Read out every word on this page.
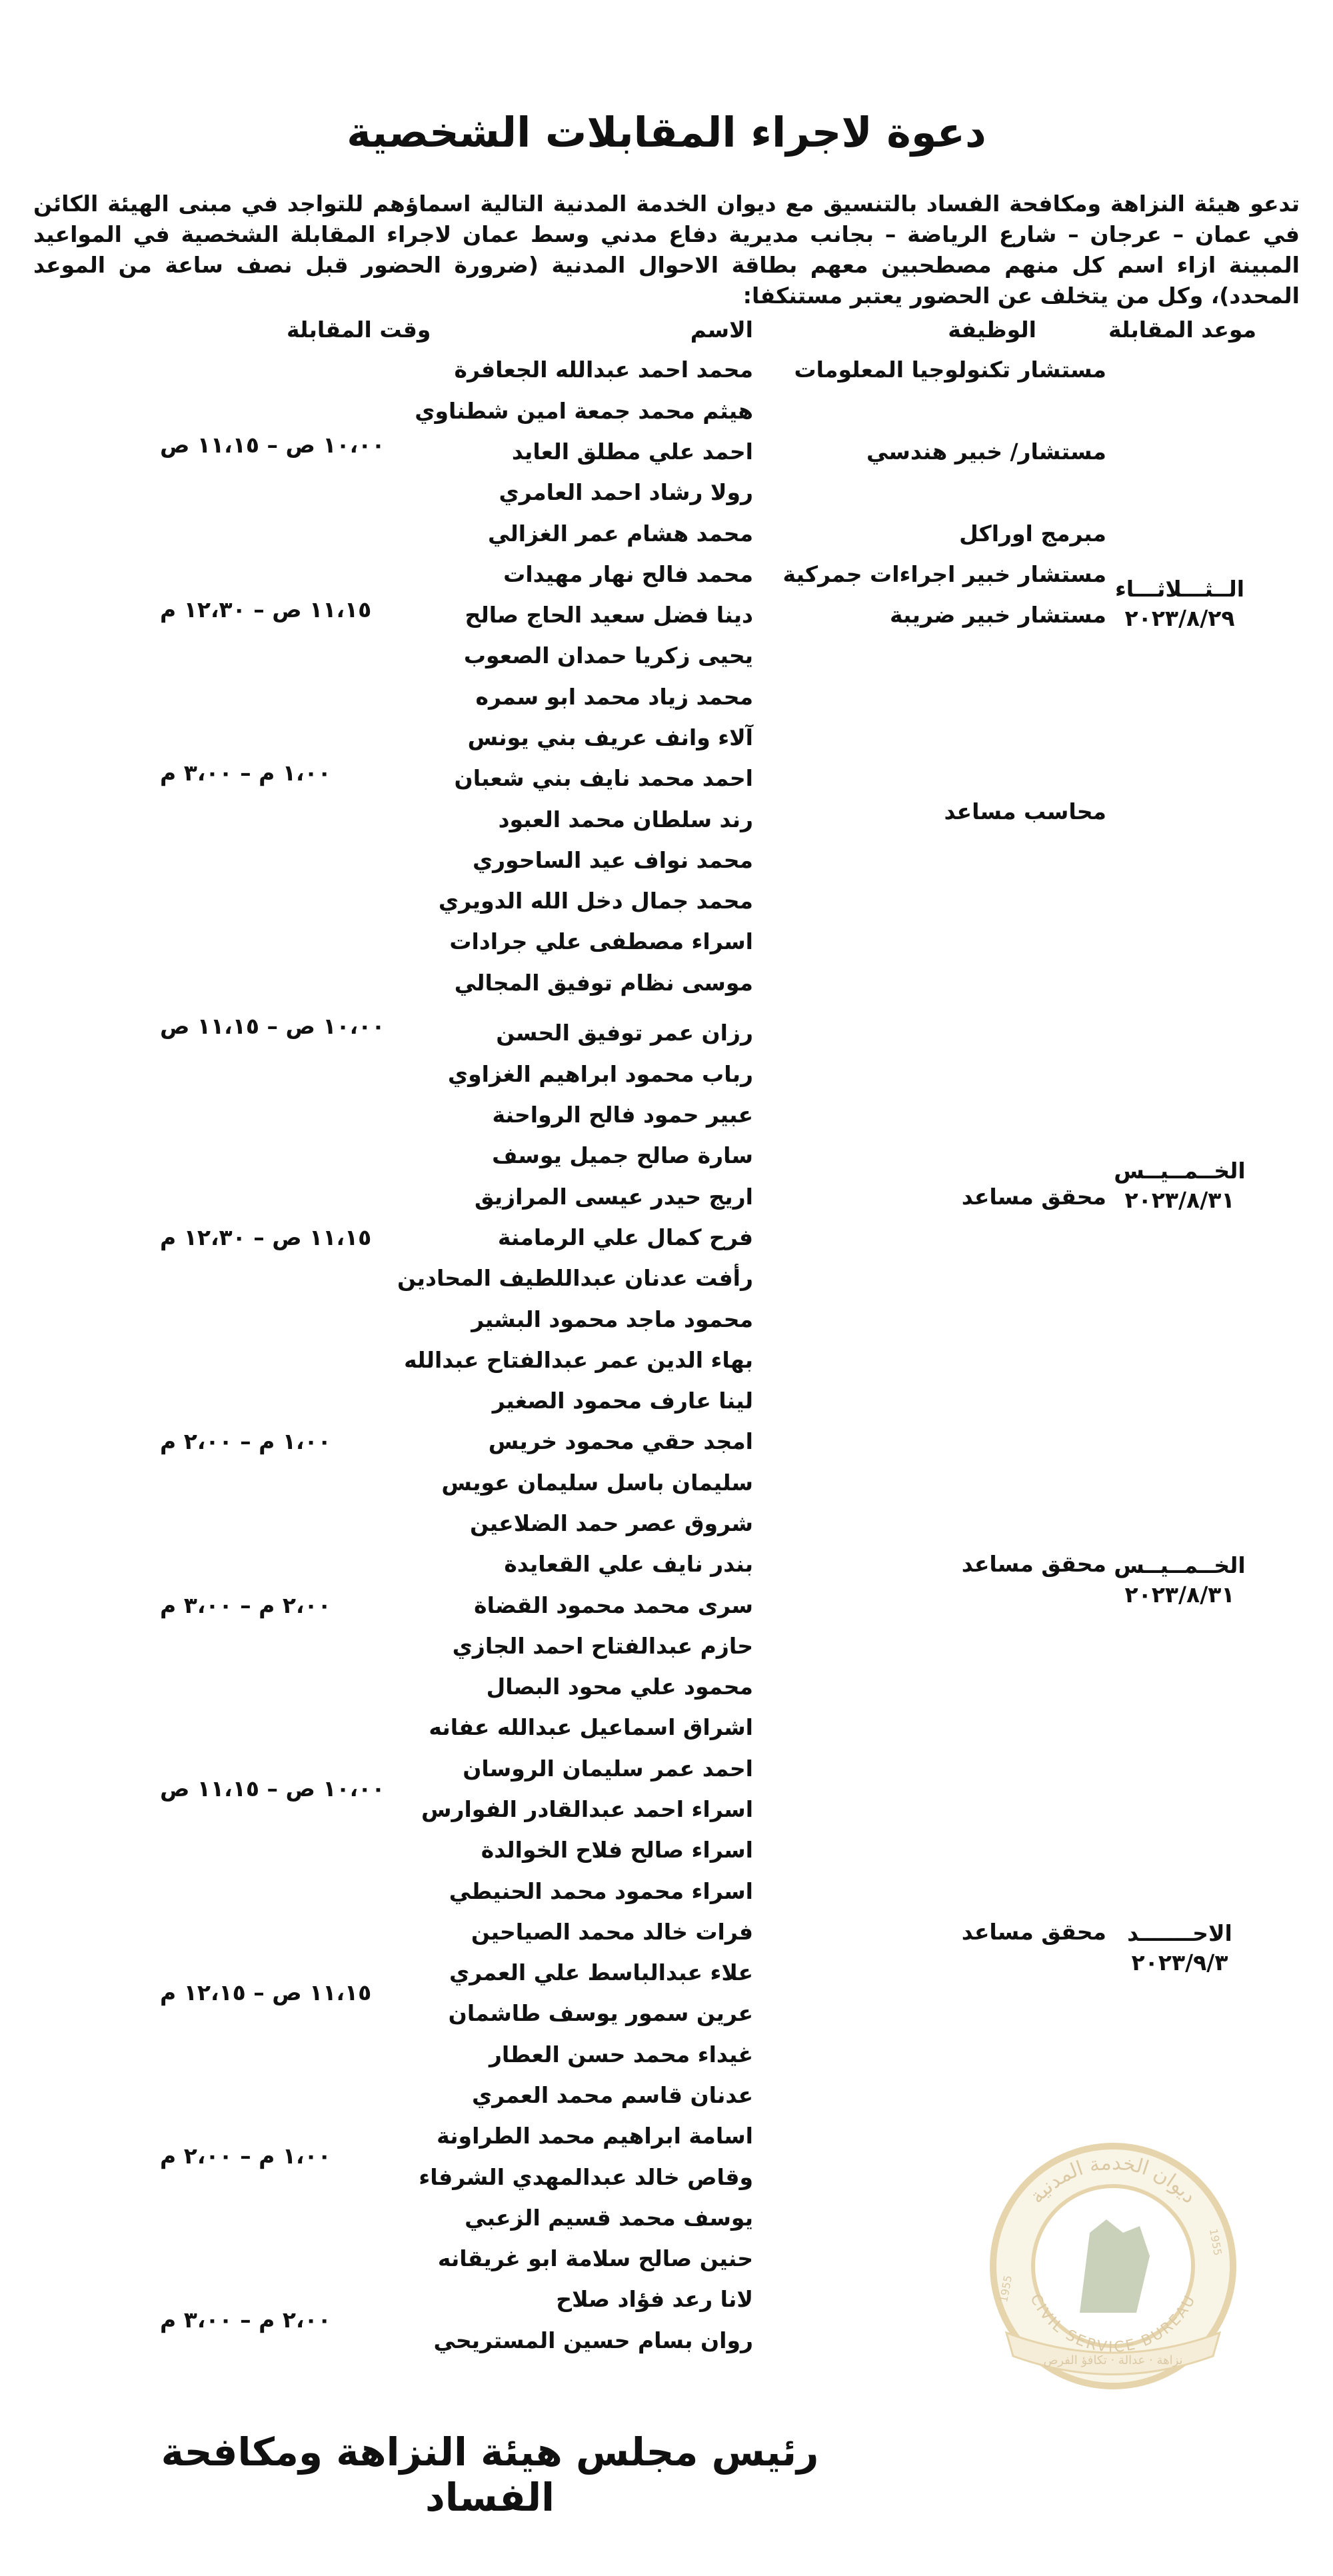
دعوة لاجراء المقابلات الشخصية

تدعو هيئة النزاهة ومكافحة الفساد بالتنسيق مع ديوان الخدمة المدنية التالية اسماؤهم للتواجد في مبنى الهيئة الكائن في عمان – عرجان – شارع الرياضة – بجانب مديرية دفاع مدني وسط عمان لاجراء المقابلة الشخصية في المواعيد المبينة ازاء اسم كل منهم مصطحبين معهم بطاقة الاحوال المدنية (ضرورة الحضور قبل نصف ساعة من الموعد المحدد)، وكل من يتخلف عن الحضور يعتبر مستنكفا:

موعد المقابلة
الوظيفة
الاسم
وقت المقابلة
محمد احمد عبدالله الجعافرة
هيثم محمد جمعة امين شطناوي
احمد علي مطلق العايد
رولا رشاد احمد العامري
محمد هشام عمر الغزالي
محمد فالح نهار مهيدات
دينا فضل سعيد الحاج صالح
يحيى زكريا حمدان الصعوب
محمد زياد محمد ابو سمره
آلاء وانف عريف بني يونس
احمد محمد نايف بني شعبان
رند سلطان محمد العبود
محمد نواف عيد الساحوري
محمد جمال دخل الله الدويري
اسراء مصطفى علي جرادات
موسى نظام توفيق المجالي
رزان عمر توفيق الحسن
رباب محمود ابراهيم الغزاوي
عبير حمود فالح الرواحنة
سارة صالح جميل يوسف
اريج حيدر عيسى المرازيق
فرح كمال علي الرمامنة
رأفت عدنان عبداللطيف المحادين
محمود ماجد محمود البشير
بهاء الدين عمر عبدالفتاح عبدالله
لينا عارف محمود الصغير
امجد حقي محمود خريس
سليمان باسل سليمان عويس
شروق عصر حمد الضلاعين
بندر نايف علي القعايدة
سرى محمد محمود القضاة
حازم عبدالفتاح احمد الجازي
محمود علي محود البصال
اشراق اسماعيل عبدالله عفانه
احمد عمر سليمان الروسان
اسراء احمد عبدالقادر الفوارس
اسراء صالح فلاح الخوالدة
اسراء محمود محمد الحنيطي
فرات خالد محمد الصياحين
علاء عبدالباسط علي العمري
عرين سمور يوسف طاشمان
غيداء محمد حسن العطار
عدنان قاسم محمد العمري
اسامة ابراهيم محمد الطراونة
وقاص خالد عبدالمهدي الشرفاء
يوسف محمد قسيم الزعبي
حنين صالح سلامة ابو غريقانه
لانا رعد فؤاد صلاح
روان بسام حسين المستريحي
مستشار تكنولوجيا المعلومات
مستشار/ خبير هندسي
مبرمج اوراكل
مستشار خبير اجراءات جمركية
مستشار خبير ضريبة
محاسب مساعد
محقق مساعد
محقق مساعد
محقق مساعد
١٠،٠٠ ص – ١١،١٥ ص
١١،١٥ ص – ١٢،٣٠ م
١،٠٠ م – ٣،٠٠ م
١٠،٠٠ ص – ١١،١٥ ص
١١،١٥ ص – ١٢،٣٠ م
١،٠٠ م – ٢،٠٠ م
٢،٠٠ م – ٣،٠٠ م
١٠،٠٠ ص – ١١،١٥ ص
١١،١٥ ص – ١٢،١٥ م
١،٠٠ م – ٢،٠٠ م
٢،٠٠ م – ٣،٠٠ م
الــثـــلاثـــاء
٢٠٢٣/٨/٢٩
الخــمــيــس
٢٠٢٣/٨/٣١
الخــمــيــس
٢٠٢٣/٨/٣١
الاحـــــــد
٢٠٢٣/٩/٣
ديوان الخدمة المدنية
CIVIL SERVICE BUREAU
1955
1955
نزاهة · عدالة · تكافؤ الفرص
رئيس مجلس هيئة النزاهة ومكافحة الفساد
